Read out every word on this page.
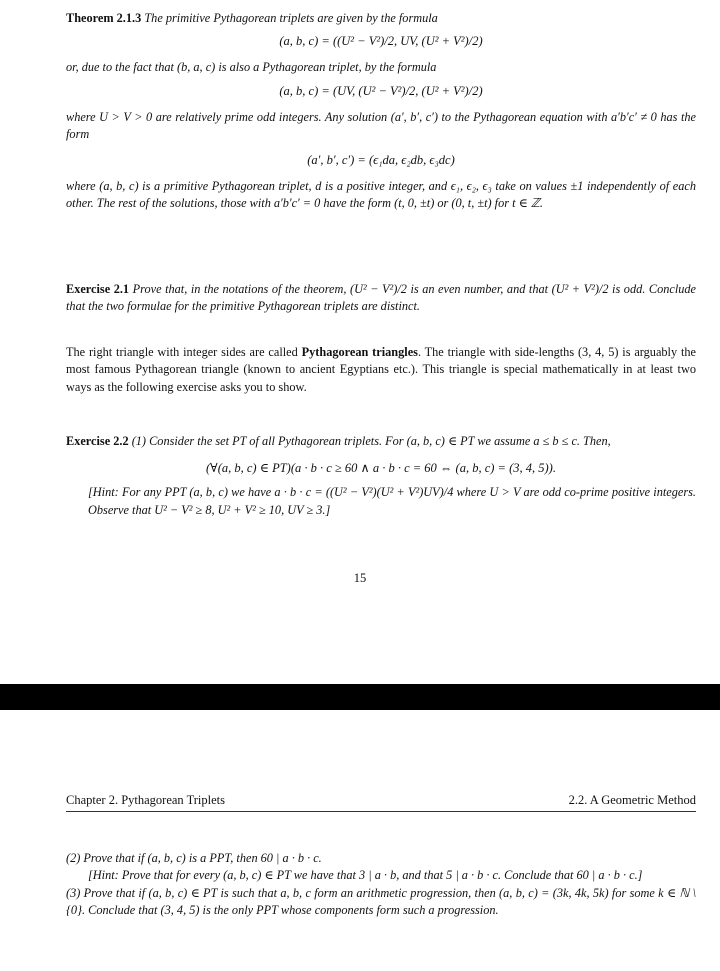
Theorem 2.1.3 The primitive Pythagorean triplets are given by the formula

(a, b, c) = ((U² − V²)/2, UV, (U² + V²)/2)

or, due to the fact that (b, a, c) is also a Pythagorean triplet, by the formula

(a, b, c) = (UV, (U² − V²)/2, (U² + V²)/2)

where U > V > 0 are relatively prime odd integers. Any solution (a′, b′, c′) to the Pythagorean equation with a′b′c′ ≠ 0 has the form

(a′, b′, c′) = (ϵ₁da, ϵ₂db, ϵ₃dc)

where (a, b, c) is a primitive Pythagorean triplet, d is a positive integer, and ϵ₁, ϵ₂, ϵ₃ take on values ±1 independently of each other. The rest of the solutions, those with a′b′c′ = 0 have the form (t, 0, ±t) or (0, t, ±t) for t ∈ ℤ.

Exercise 2.1 Prove that, in the notations of the theorem, (U² − V²)/2 is an even number, and that (U² + V²)/2 is odd. Conclude that the two formulae for the primitive Pythagorean triplets are distinct.

The right triangle with integer sides are called Pythagorean triangles. The triangle with side-lengths (3, 4, 5) is arguably the most famous Pythagorean triangle (known to ancient Egyptians etc.). This triangle is special mathematically in at least two ways as the following exercise asks you to show.

Exercise 2.2 (1) Consider the set PT of all Pythagorean triplets. For (a, b, c) ∈ PT we assume a ≤ b ≤ c. Then,

(∀(a, b, c) ∈ PT)(a · b · c ≥ 60 ∧ a · b · c = 60 ⇔ (a, b, c) = (3, 4, 5)).

[Hint: For any PPT (a, b, c) we have a · b · c = ((U² − V²)(U² + V²)UV)/4 where U > V are odd co-prime positive integers. Observe that U² − V² ≥ 8, U² + V² ≥ 10, UV ≥ 3.]

15
Chapter 2. Pythagorean Triplets	2.2. A Geometric Method

(2) Prove that if (a, b, c) is a PPT, then 60 | a · b · c.

[Hint: Prove that for every (a, b, c) ∈ PT we have that 3 | a · b, and that 5 | a · b · c. Conclude that 60 | a · b · c.]

(3) Prove that if (a, b, c) ∈ PT is such that a, b, c form an arithmetic progression, then (a, b, c) = (3k, 4k, 5k) for some k ∈ ℕ \ {0}. Conclude that (3, 4, 5) is the only PPT whose components form such a progression.
